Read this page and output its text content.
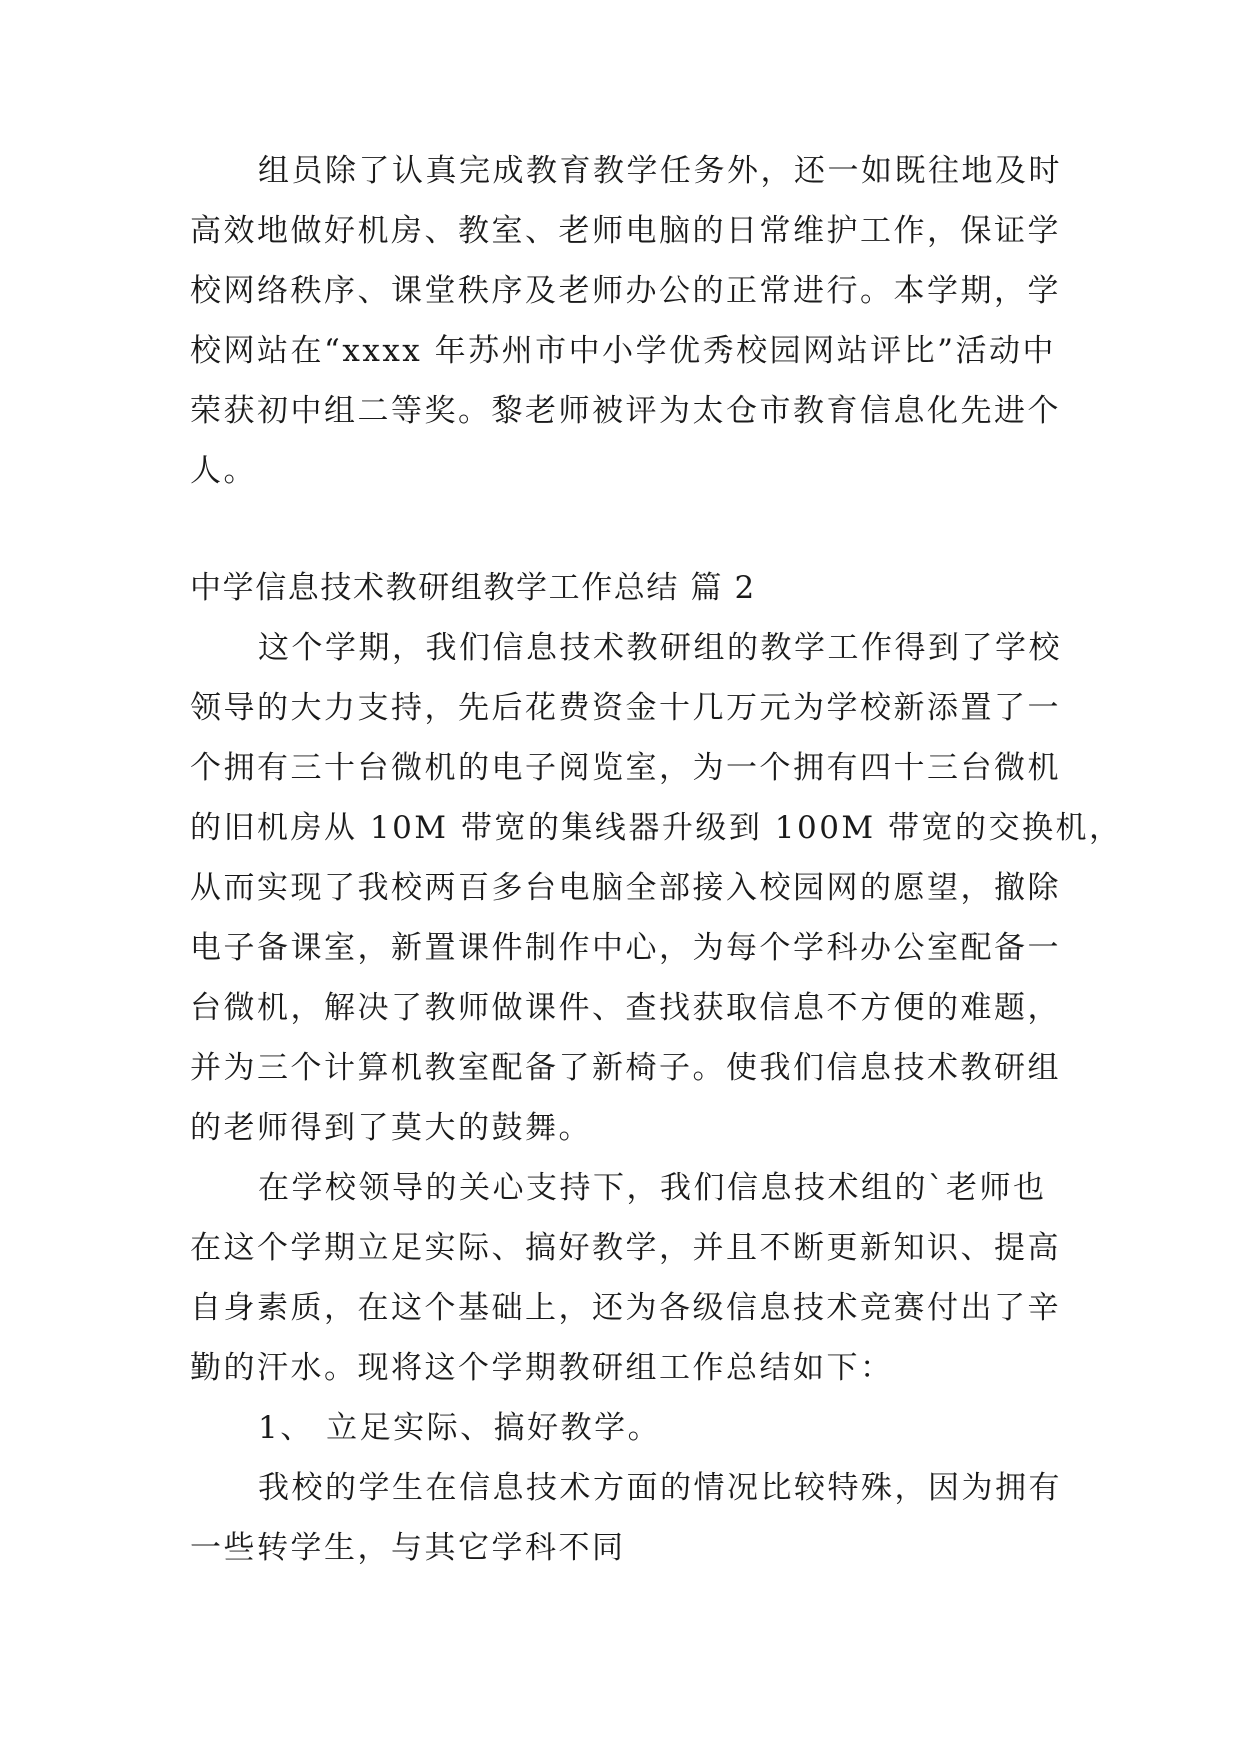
组员除了认真完成教育教学任务外，还一如既往地及时
高效地做好机房、教室、老师电脑的日常维护工作，保证学
校网络秩序、课堂秩序及老师办公的正常进行。本学期，学
校网站在“xxxx 年苏州市中小学优秀校园网站评比”活动中
荣获初中组二等奖。黎老师被评为太仓市教育信息化先进个
人。
中学信息技术教研组教学工作总结 篇 2
这个学期，我们信息技术教研组的教学工作得到了学校
领导的大力支持，先后花费资金十几万元为学校新添置了一
个拥有三十台微机的电子阅览室，为一个拥有四十三台微机
的旧机房从 10M 带宽的集线器升级到 100M 带宽的交换机，
从而实现了我校两百多台电脑全部接入校园网的愿望，撤除
电子备课室，新置课件制作中心，为每个学科办公室配备一
台微机，解决了教师做课件、查找获取信息不方便的难题，
并为三个计算机教室配备了新椅子。使我们信息技术教研组
的老师得到了莫大的鼓舞。
在学校领导的关心支持下，我们信息技术组的`老师也
在这个学期立足实际、搞好教学，并且不断更新知识、提高
自身素质，在这个基础上，还为各级信息技术竞赛付出了辛
勤的汗水。现将这个学期教研组工作总结如下：
1、 立足实际、搞好教学。
我校的学生在信息技术方面的情况比较特殊，因为拥有
一些转学生，与其它学科不同
